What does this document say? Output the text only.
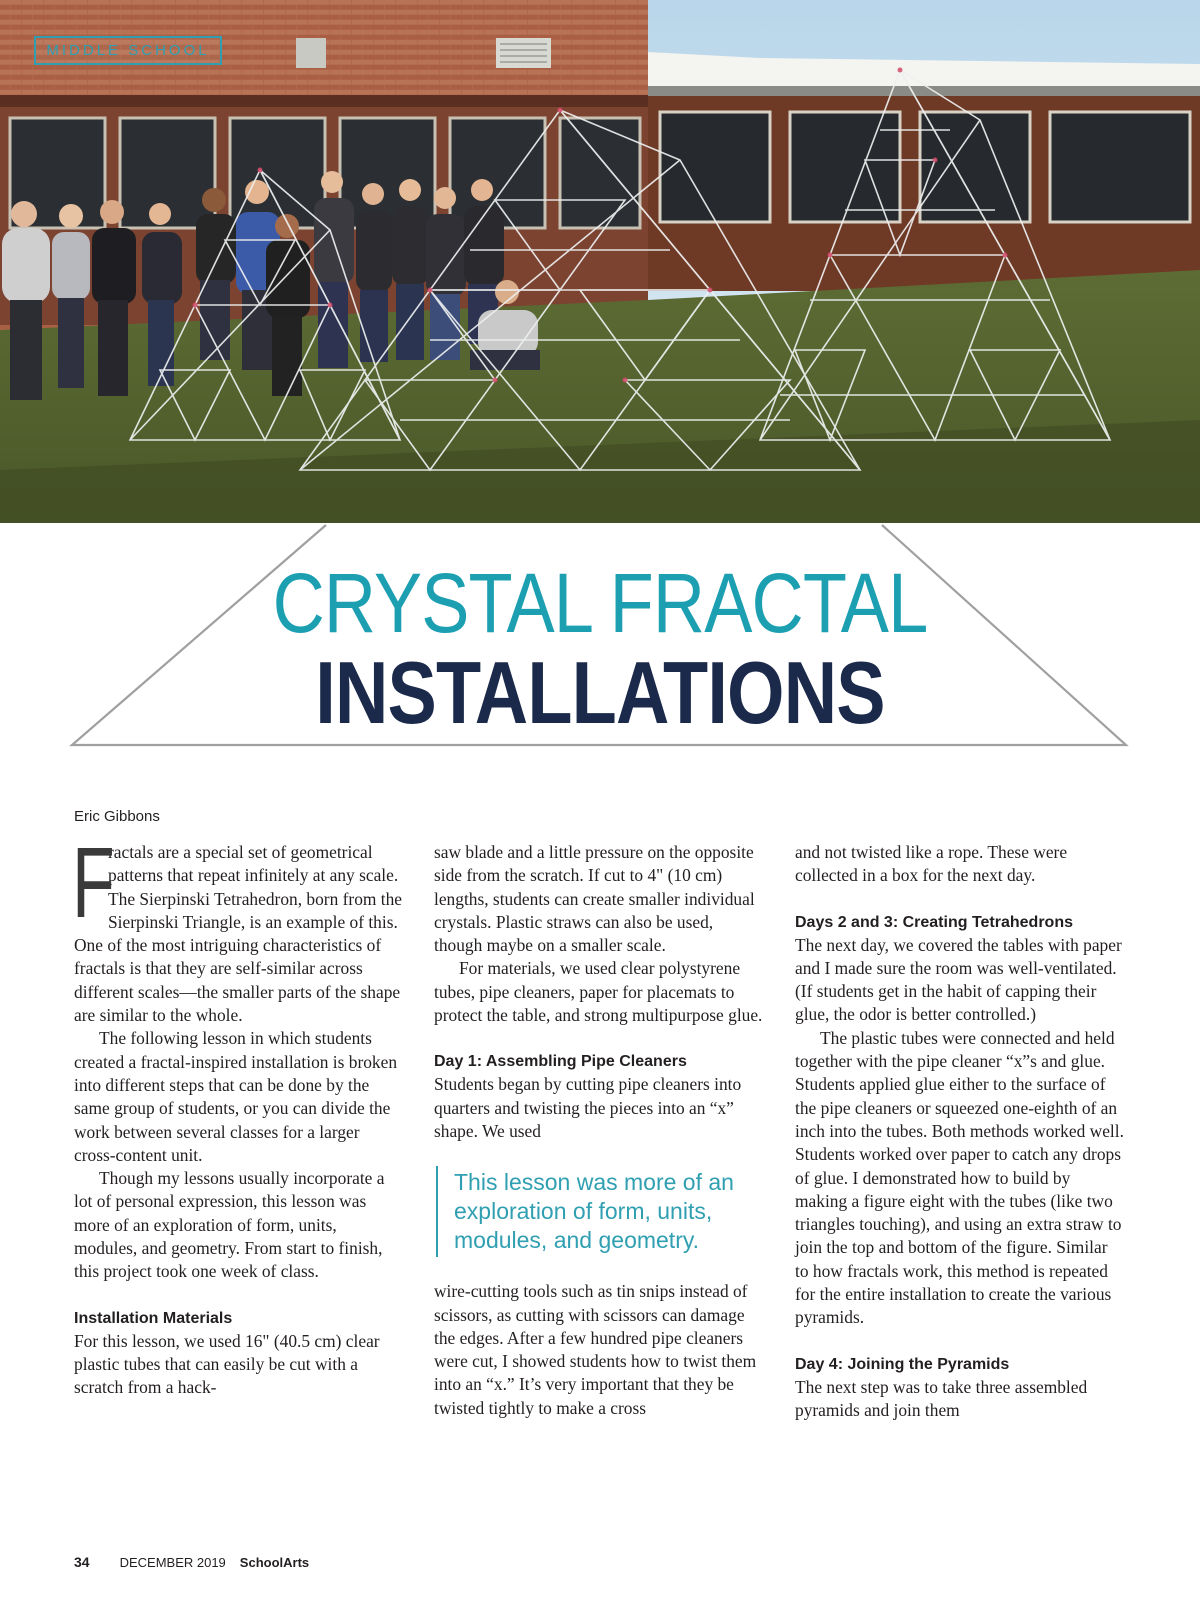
MIDDLE SCHOOL
CRYSTAL FRACTAL
INSTALLATIONS
Eric Gibbons

F
ractals are a special set of geometrical patterns that repeat infinitely at any scale. The Sierpinski Tetrahedron, born from the Sierpinski Triangle, is an example of this. One of the most intriguing characteristics of fractals is that they are self-similar across different scales—the smaller parts of the shape are similar to the whole.

The following lesson in which students created a fractal-inspired installation is broken into different steps that can be done by the same group of students, or you can divide the work between several classes for a larger cross-content unit.

Though my lessons usually incorporate a lot of personal expression, this lesson was more of an exploration of form, units, modules, and geometry. From start to finish, this project took one week of class.

Installation Materials

For this lesson, we used 16" (40.5 cm) clear plastic tubes that can easily be cut with a scratch from a hack-

saw blade and a little pressure on the opposite side from the scratch. If cut to 4" (10 cm) lengths, students can create smaller individual crystals. Plastic straws can also be used, though maybe on a smaller scale.

For materials, we used clear polystyrene tubes, pipe cleaners, paper for placemats to protect the table, and strong multipurpose glue.

Day 1: Assembling Pipe Cleaners

Students began by cutting pipe cleaners into quarters and twisting the pieces into an “x” shape. We used

This lesson was more of an exploration of form, units, modules, and geometry.

wire-cutting tools such as tin snips instead of scissors, as cutting with scissors can damage the edges. After a few hundred pipe cleaners were cut, I showed students how to twist them into an “x.” It’s very important that they be twisted tightly to make a cross

and not twisted like a rope. These were collected in a box for the next day.

Days 2 and 3: Creating Tetrahedrons

The next day, we covered the tables with paper and I made sure the room was well-ventilated. (If students get in the habit of capping their glue, the odor is better controlled.)

The plastic tubes were connected and held together with the pipe cleaner “x”s and glue. Students applied glue either to the surface of the pipe cleaners or squeezed one-eighth of an inch into the tubes. Both methods worked well. Students worked over paper to catch any drops of glue. I demonstrated how to build by making a figure eight with the tubes (like two triangles touching), and using an extra straw to join the top and bottom of the figure. Similar to how fractals work, this method is repeated for the entire installation to create the various pyramids.

Day 4: Joining the Pyramids

The next step was to take three assembled pyramids and join them

34 DECEMBER 2019 SchoolArts
